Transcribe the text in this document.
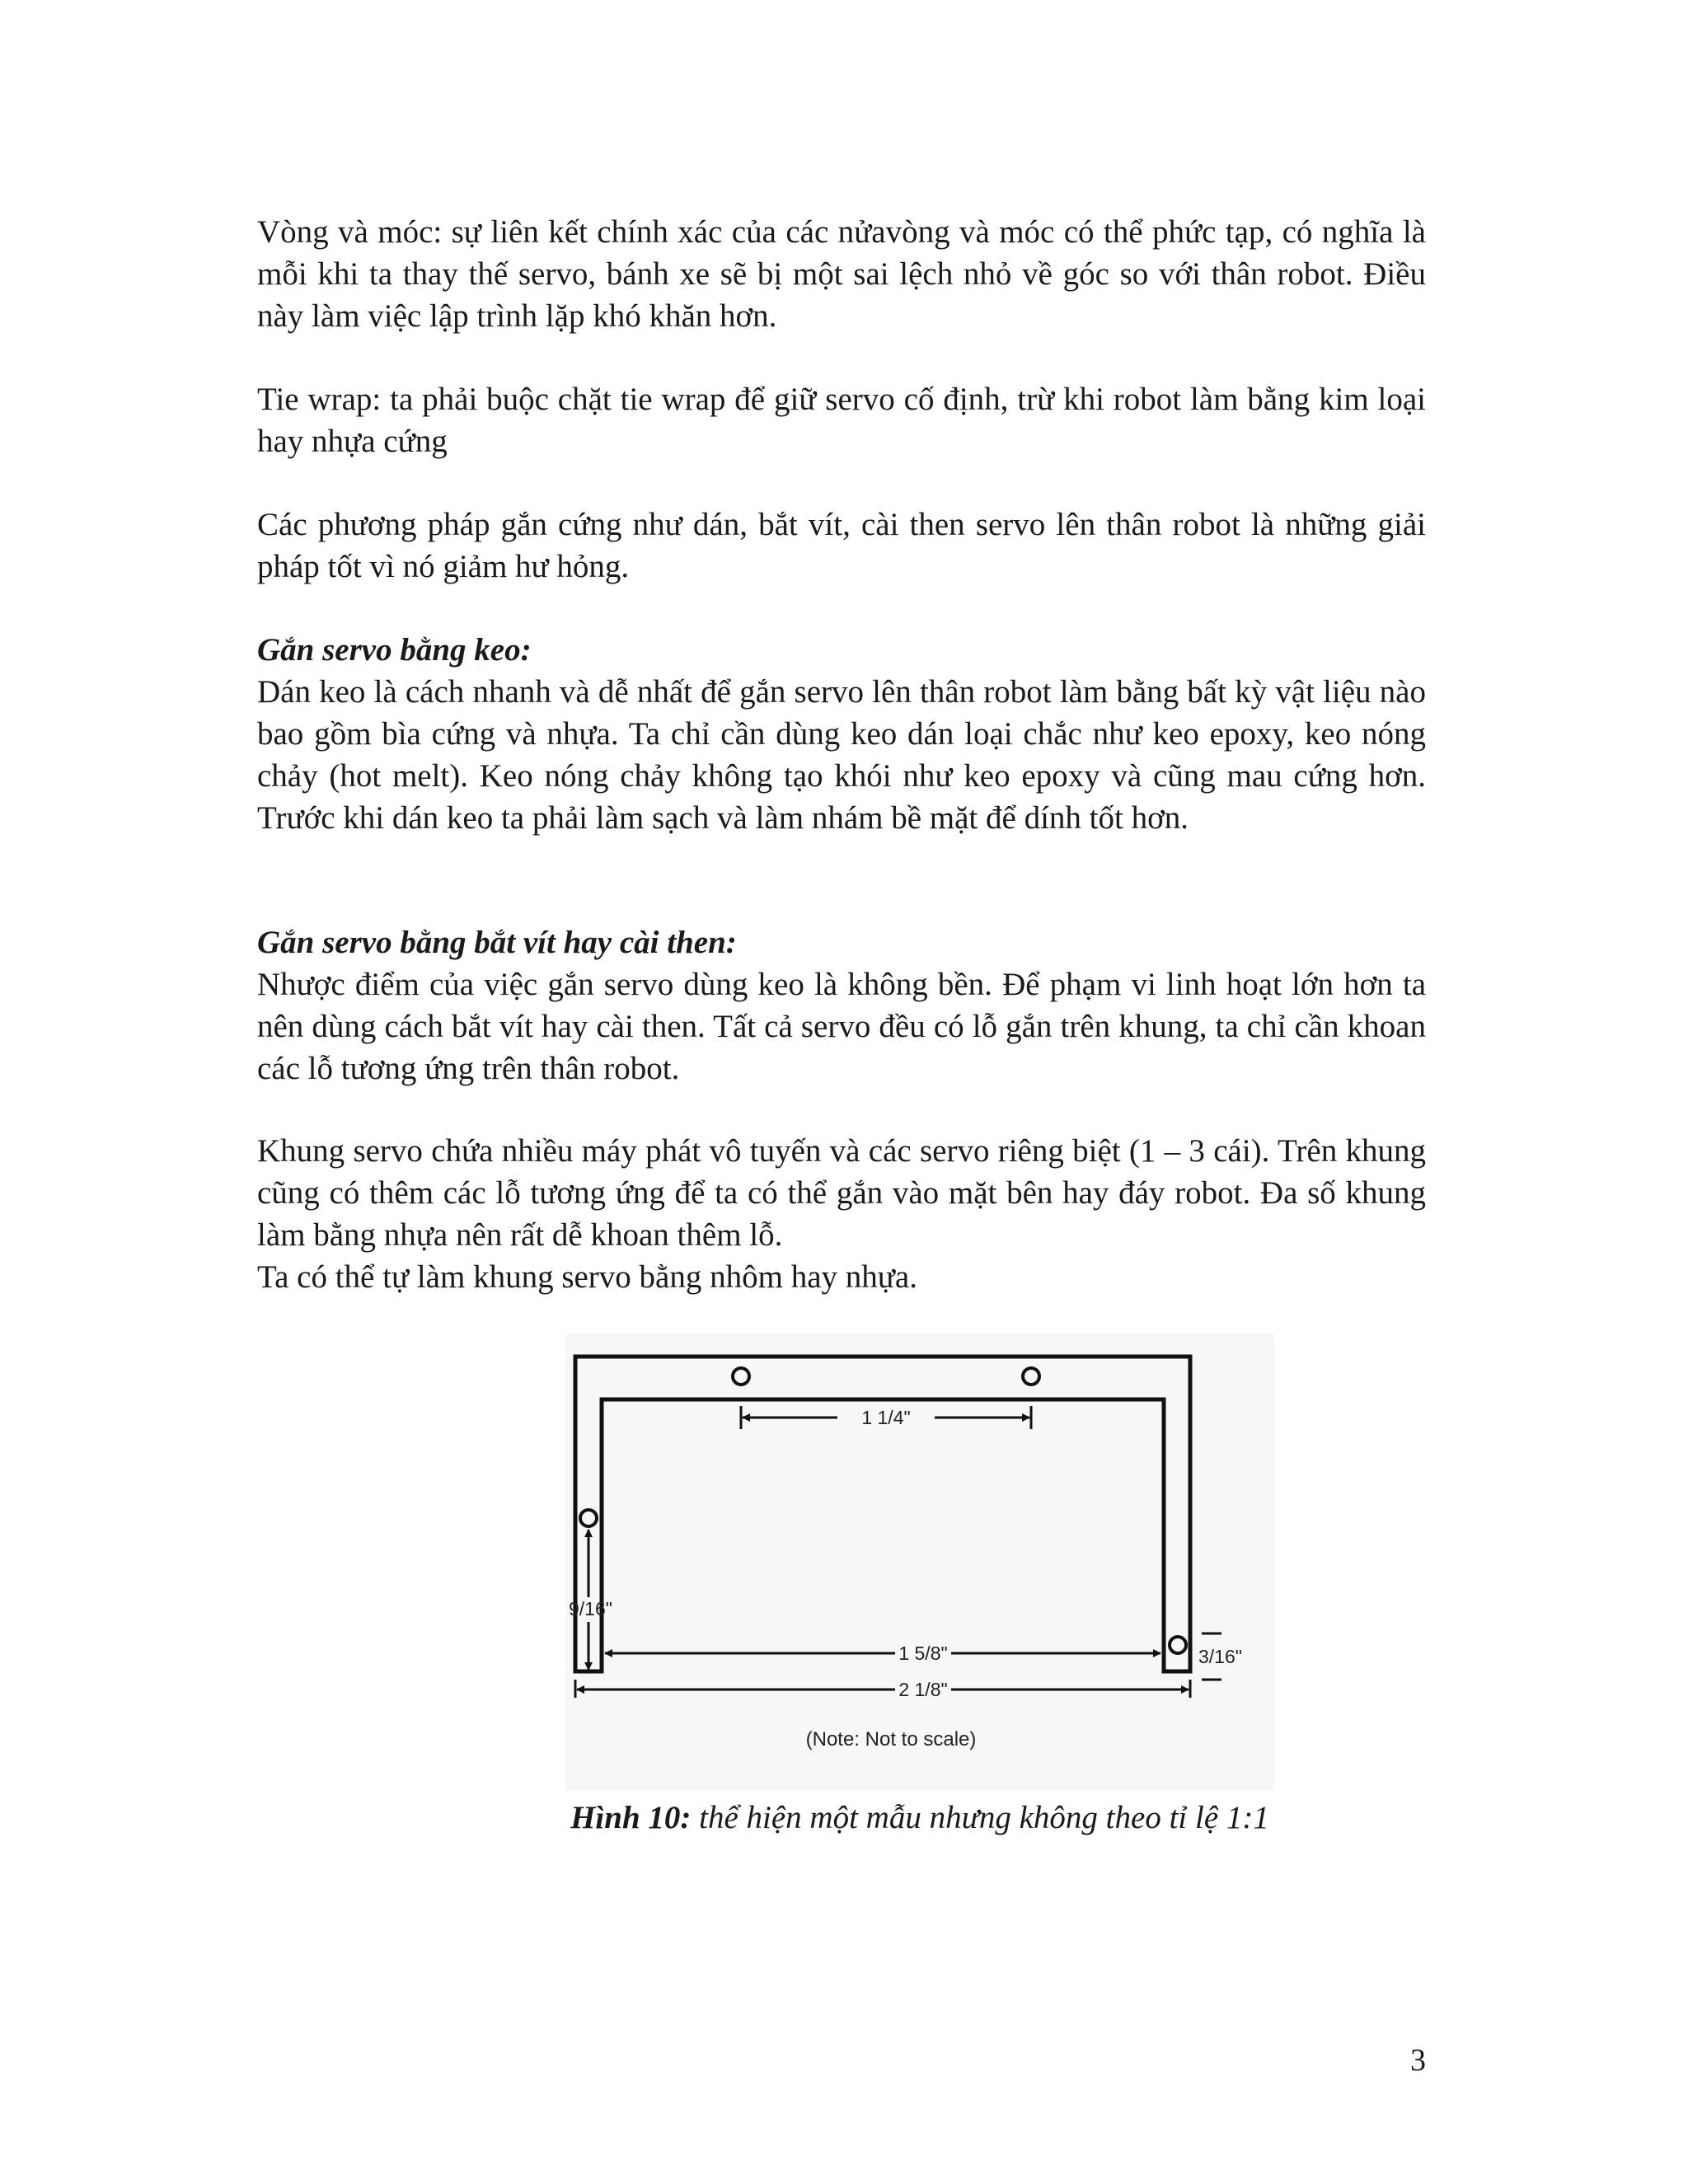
Vòng và móc: sự liên kết chính xác của các nửavòng và móc có thể phức tạp, có nghĩa là mỗi khi ta thay thế servo, bánh xe sẽ bị một sai lệch nhỏ về góc so với thân robot. Điều này làm việc lập trình lặp khó khăn hơn.

Tie wrap: ta phải buộc chặt tie wrap để giữ servo cố định, trừ khi robot làm bằng kim loại hay nhựa cứng

Các phương pháp gắn cứng như dán, bắt vít, cài then servo lên thân robot là những giải pháp tốt vì nó giảm hư hỏng.

Gắn servo bằng keo:

Dán keo là cách nhanh và dễ nhất để gắn servo lên thân robot làm bằng bất kỳ vật liệu nào bao gồm bìa cứng và nhựa. Ta chỉ cần dùng keo dán loại chắc như keo epoxy, keo nóng chảy (hot melt). Keo nóng chảy không tạo khói như keo epoxy và cũng mau cứng hơn. Trước khi dán keo ta phải làm sạch và làm nhám bề mặt để dính tốt hơn.

Gắn servo bằng bắt vít hay cài then:

Nhược điểm của việc gắn servo dùng keo là không bền. Để phạm vi linh hoạt lớn hơn ta nên dùng cách bắt vít hay cài then. Tất cả servo đều có lỗ gắn trên khung, ta chỉ cần khoan các lỗ tương ứng trên thân robot.

Khung servo chứa nhiều máy phát vô tuyến và các servo riêng biệt (1 – 3 cái). Trên khung cũng có thêm các lỗ tương ứng để ta có thể gắn vào mặt bên hay đáy robot. Đa số khung làm bằng nhựa nên rất dễ khoan thêm lỗ.

Ta có thể tự làm khung servo bằng nhôm hay nhựa.

1 1/4"
9/16"
1 5/8"
2 1/8"
3/16"
(Note: Not to scale)
Hình 10: thể hiện một mẫu nhưng không theo tỉ lệ 1:1
3
